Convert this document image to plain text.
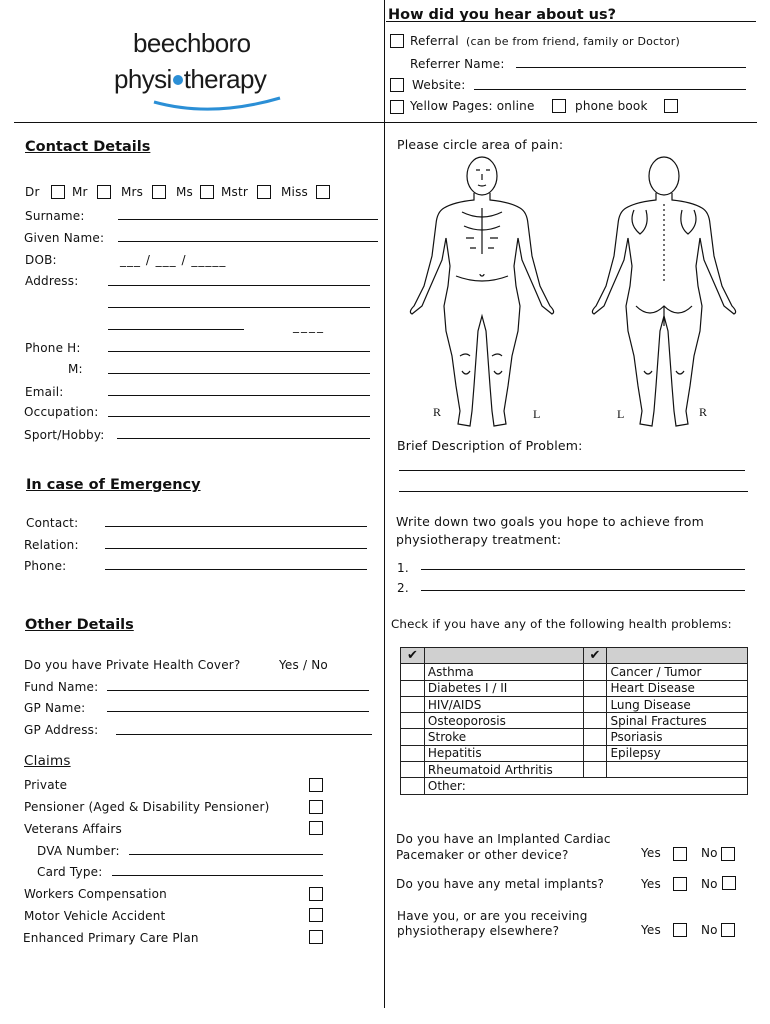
beechboro
physi therapy
How did you hear about us?
Referral (can be from friend, family or Doctor)
Referrer Name:
Website:
Yellow Pages: online	phone book
Contact Details
Dr	Mr	Mrs	Ms Mstr	Miss
Surname:
Given Name:
DOB:	___ / ___ / _____
Address:
____
Phone H:
M:
Email:
Occupation:
Sport/Hobby:
In case of Emergency
Contact:
Relation:
Phone:
Other Details
Do you have Private Health Cover?	Yes / No
Fund Name:
GP Name:
GP Address:
Claims
Private
Pensioner (Aged & Disability Pensioner)
Veterans Affairs
DVA Number:
Card Type:
Workers Compensation
Motor Vehicle Accident
Enhanced Primary Care Plan
Please circle area of pain:
R	L	L	R
Brief Description of Problem:
Write down two goals you hope to achieve from
physiotherapy treatment:
1.
2.
Check if you have any of the following health problems:
✔		✔	
	Asthma		Cancer / Tumor
	Diabetes I / II		Heart Disease
	HIV/AIDS		Lung Disease
	Osteoporosis		Spinal Fractures
	Stroke		Psoriasis
	Hepatitis		Epilepsy
	Rheumatoid Arthritis		
	Other:		
Do you have an Implanted Cardiac
Pacemaker or other device?	Yes	No
Do you have any metal implants?	Yes	No
Have you, or are you receiving
physiotherapy elsewhere?	Yes	No
